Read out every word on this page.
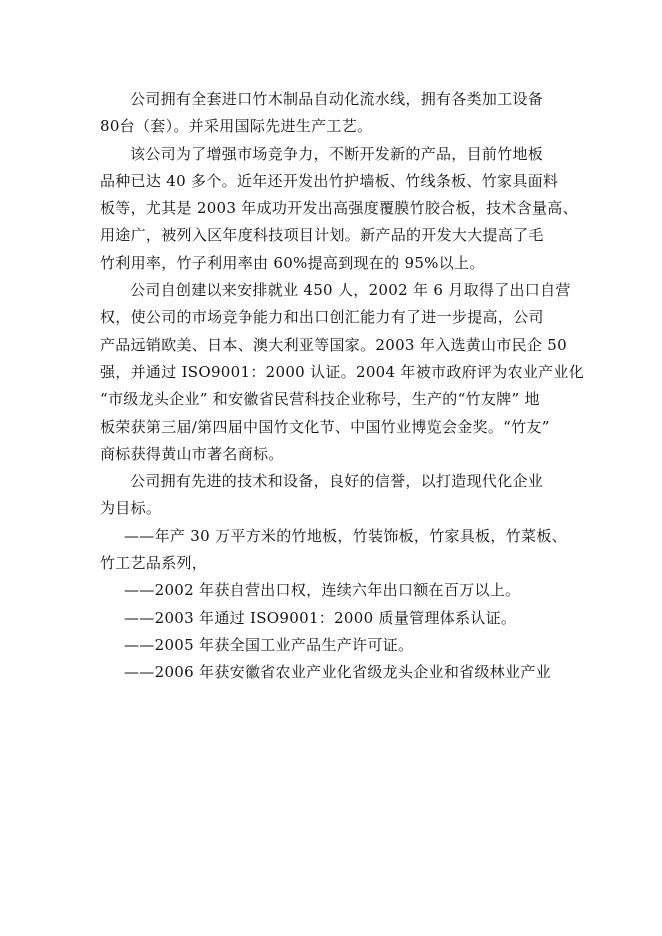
公司拥有全套进口竹木制品自动化流水线，拥有各类加工设备
80台（套）。并采用国际先进生产工艺。
该公司为了增强市场竞争力，不断开发新的产品，目前竹地板
品种已达 40 多个。近年还开发出竹护墙板、竹线条板、竹家具面料
板等，尤其是 2003 年成功开发出高强度覆膜竹胶合板，技术含量高、
用途广，被列入区年度科技项目计划。新产品的开发大大提高了毛
竹利用率，竹子利用率由 60%提高到现在的 95%以上。
公司自创建以来安排就业 450 人，2002 年 6 月取得了出口自营
权，使公司的市场竞争能力和出口创汇能力有了进一步提高，公司
产品远销欧美、日本、澳大利亚等国家。2003 年入选黄山市民企 50
强，并通过 ISO9001：2000 认证。2004 年被市政府评为农业产业化
“市级龙头企业” 和安徽省民营科技企业称号，生产的“竹友牌” 地
板荣获第三届/第四届中国竹文化节、中国竹业博览会金奖。“竹友”
商标获得黄山市著名商标。
公司拥有先进的技术和设备，良好的信誉，以打造现代化企业
为目标。
——年产 30 万平方米的竹地板，竹装饰板，竹家具板，竹菜板、
竹工艺品系列，
——2002 年获自营出口权，连续六年出口额在百万以上。
——2003 年通过 ISO9001：2000 质量管理体系认证。
——2005 年获全国工业产品生产许可证。
——2006 年获安徽省农业产业化省级龙头企业和省级林业产业
